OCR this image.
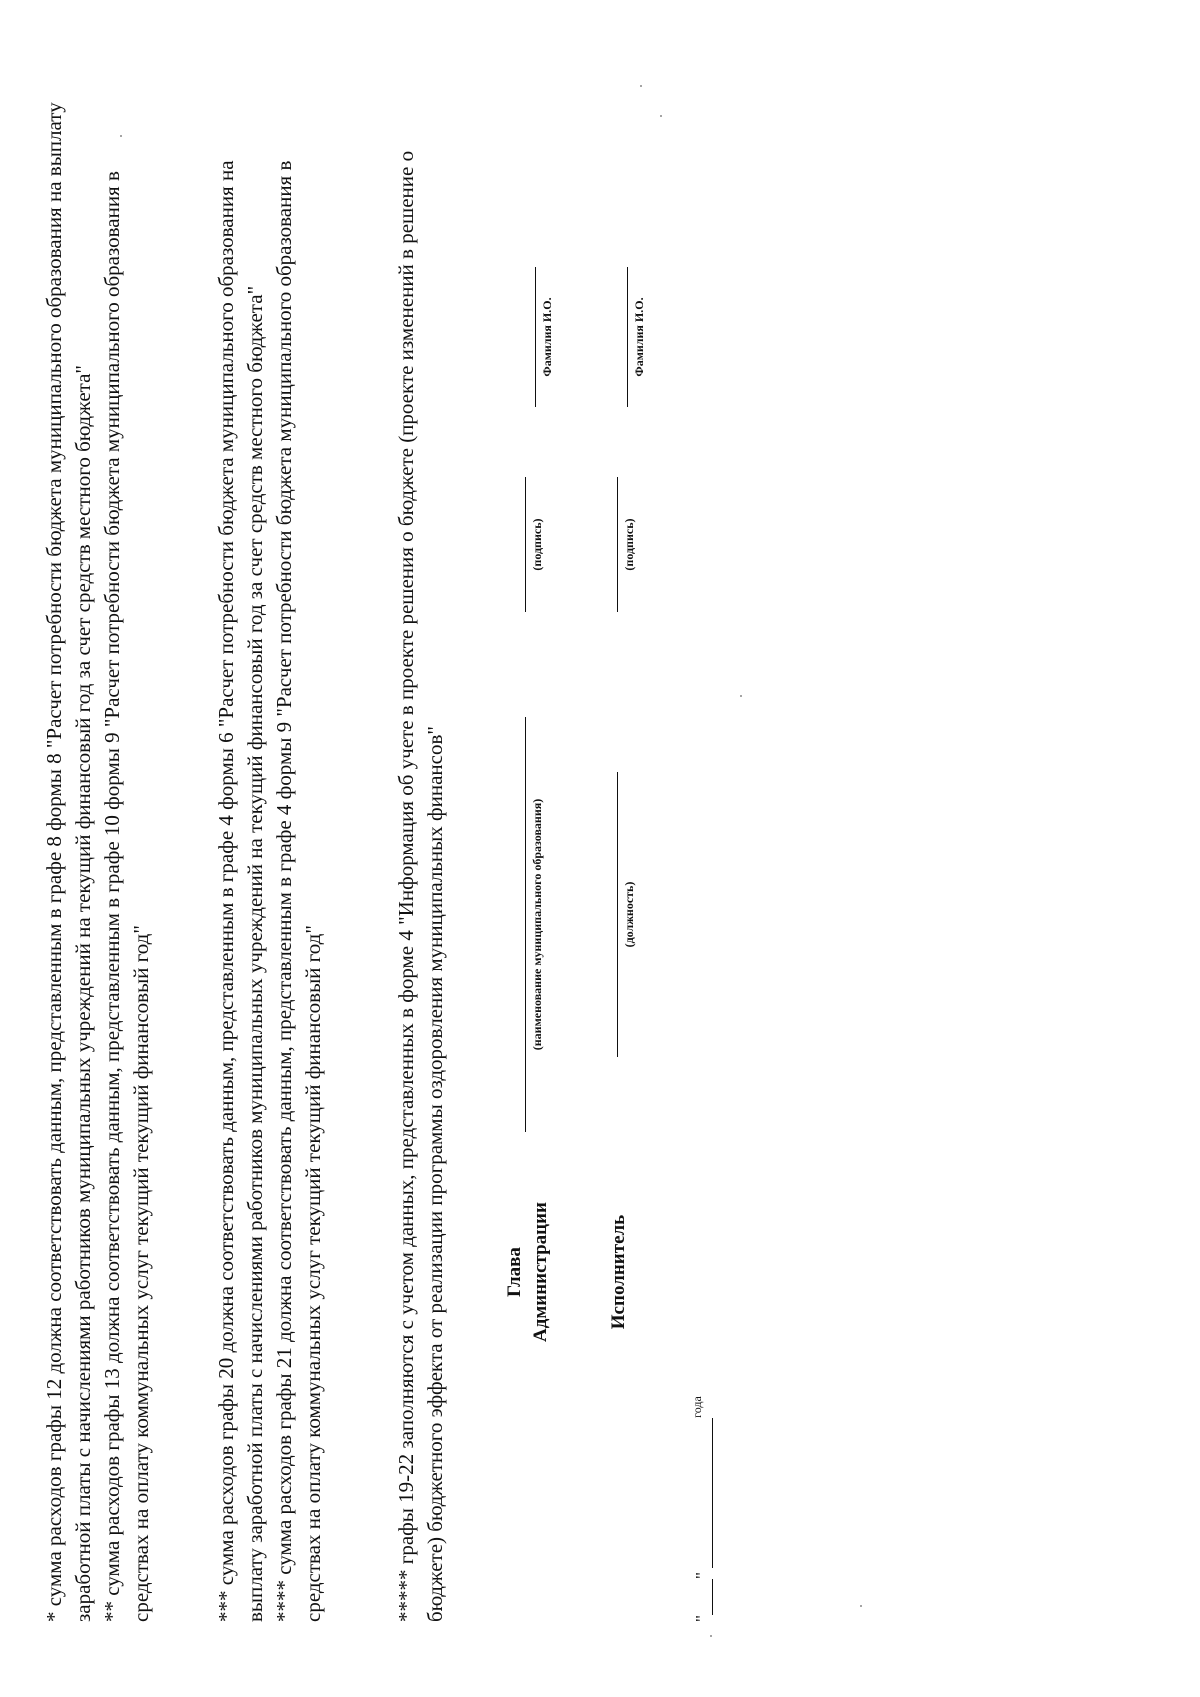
* сумма расходов графы 12 должна соответствовать данным, представленным в графе 8 формы 8 "Расчет потребности бюджета муниципального образования на выплату заработной платы с начислениями работников муниципальных учреждений на текущий финансовый год за счет средств местного бюджета" ** сумма расходов графы 13 должна соответствовать данным, представленным в графе 10 формы 9 "Расчет потребности бюджета муниципального образования в средствах на оплату коммунальных услуг текущий текущий финансовый год"	*** сумма расходов графы 20 должна соответствовать данным, представленным в графе 4 формы 6 "Расчет потребности бюджета муниципального образования на выплату заработной платы с начислениями работников муниципальных учреждений на текущий финансовый год за счет средств местного бюджета" **** сумма расходов графы 21 должна соответствовать данным, представленным в графе 4 формы 9 "Расчет потребности бюджета муниципального образования в средствах на оплату коммунальных услуг текущий текущий финансовый год"	***** графы 19-22 заполняются с учетом данных, представленных в форме 4 "Информация об учете в проекте решения о бюджете (проекте изменений в решение о бюджете) бюджетного эффекта от реализации программы оздоровления муниципальных финансов"	Глава Администрации
(наименование муниципального образования)
(подпись)
Фамилия И.О.
Исполнитель
(должность)
(подпись)
Фамилия И.О.
"" $^{года}$
